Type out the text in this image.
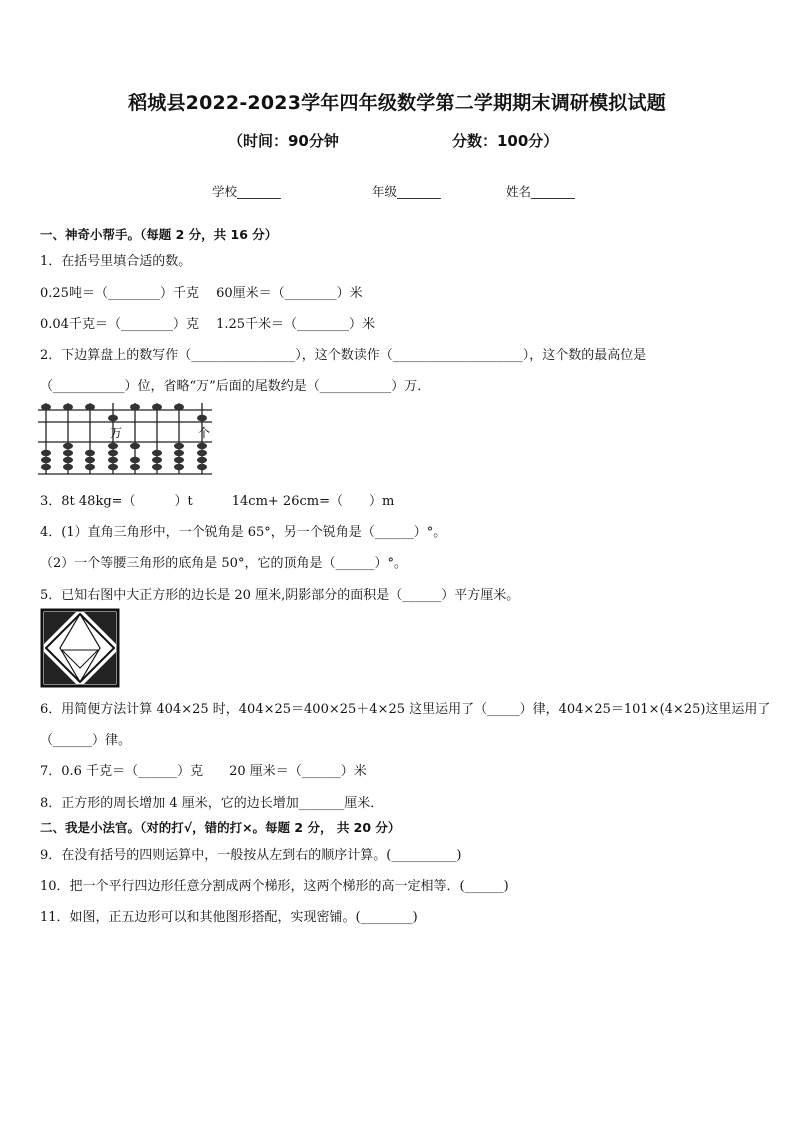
稻城县2022-2023学年四年级数学第二学期期末调研模拟试题
（时间：90分钟	分数：100分）
学校_______	年级_______	姓名_______
一、神奇小帮手。（每题 2 分，共 16 分）
1．在括号里填合适的数。
0.25吨＝（________）千克　 60厘米＝（________）米
0.04千克＝（________）克　 1.25千米＝（________）米
2．下边算盘上的数写作（________________），这个数读作（____________________），这个数的最高位是
（___________）位，省略“万”后面的尾数约是（___________）万．
万	个
3．8t 48kg=（　　　）t　　　14cm+ 26cm=（　　）m
4．(1）直角三角形中，一个锐角是 65°，另一个锐角是（______）°。
（2）一个等腰三角形的底角是 50°，它的顶角是（______）°。
5．已知右图中大正方形的边长是 20 厘米,阴影部分的面积是（______）平方厘米。
6．用简便方法计算 404×25 时，404×25＝400×25＋4×25 这里运用了（_____）律，404×25＝101×(4×25)这里运用了
（______）律。
7．0.6 千克＝（______）克　　20 厘米＝（______）米
8．正方形的周长增加 4 厘米，它的边长增加_______厘米．
二、我是小法官。（对的打√，错的打×。每题 2 分， 共 20 分）
9．在没有括号的四则运算中，一般按从左到右的顺序计算。(__________)
10．把一个平行四边形任意分割成两个梯形，这两个梯形的高一定相等．(______)
11．如图，正五边形可以和其他图形搭配，实现密铺。(________)
